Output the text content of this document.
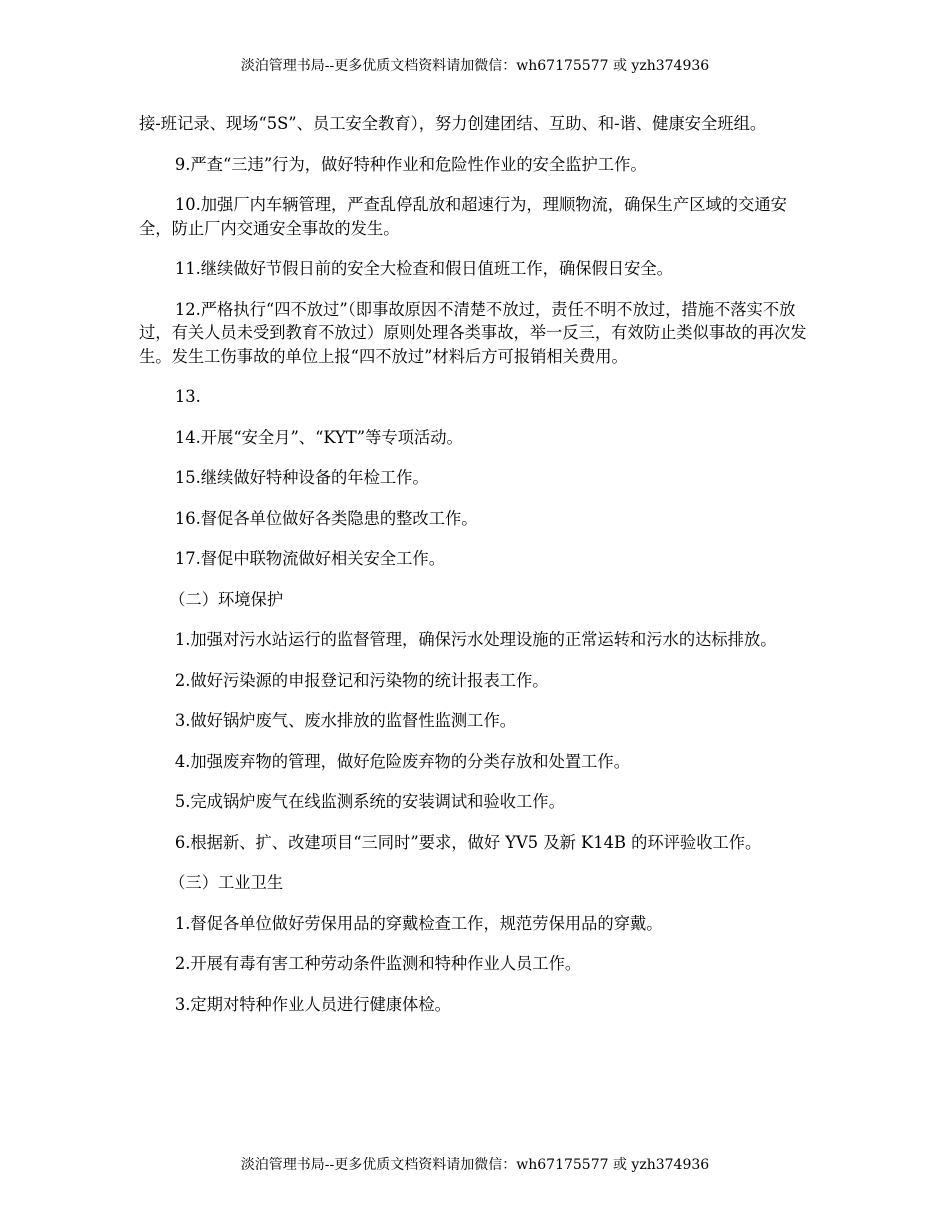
淡泊管理书局--更多优质文档资料请加微信：wh67175577 或 yzh374936

接-班记录、现场“5S”、员工安全教育），努力创建团结、互助、和-谐、健康安全班组。

9.严查“三违”行为，做好特种作业和危险性作业的安全监护工作。

10.加强厂内车辆管理，严查乱停乱放和超速行为，理顺物流，确保生产区域的交通安全，防止厂内交通安全事故的发生。

11.继续做好节假日前的安全大检查和假日值班工作，确保假日安全。

12.严格执行“四不放过”（即事故原因不清楚不放过，责任不明不放过，措施不落实不放过，有关人员未受到教育不放过）原则处理各类事故，举一反三，有效防止类似事故的再次发生。发生工伤事故的单位上报“四不放过”材料后方可报销相关费用。

13.

14.开展“安全月”、“KYT”等专项活动。

15.继续做好特种设备的年检工作。

16.督促各单位做好各类隐患的整改工作。

17.督促中联物流做好相关安全工作。

（二）环境保护

1.加强对污水站运行的监督管理，确保污水处理设施的正常运转和污水的达标排放。

2.做好污染源的申报登记和污染物的统计报表工作。

3.做好锅炉废气、废水排放的监督性监测工作。

4.加强废弃物的管理，做好危险废弃物的分类存放和处置工作。

5.完成锅炉废气在线监测系统的安装调试和验收工作。

6.根据新、扩、改建项目“三同时”要求，做好 YV5 及新 K14B 的环评验收工作。

（三）工业卫生

1.督促各单位做好劳保用品的穿戴检查工作，规范劳保用品的穿戴。

2.开展有毒有害工种劳动条件监测和特种作业人员工作。

3.定期对特种作业人员进行健康体检。

淡泊管理书局--更多优质文档资料请加微信：wh67175577 或 yzh374936
